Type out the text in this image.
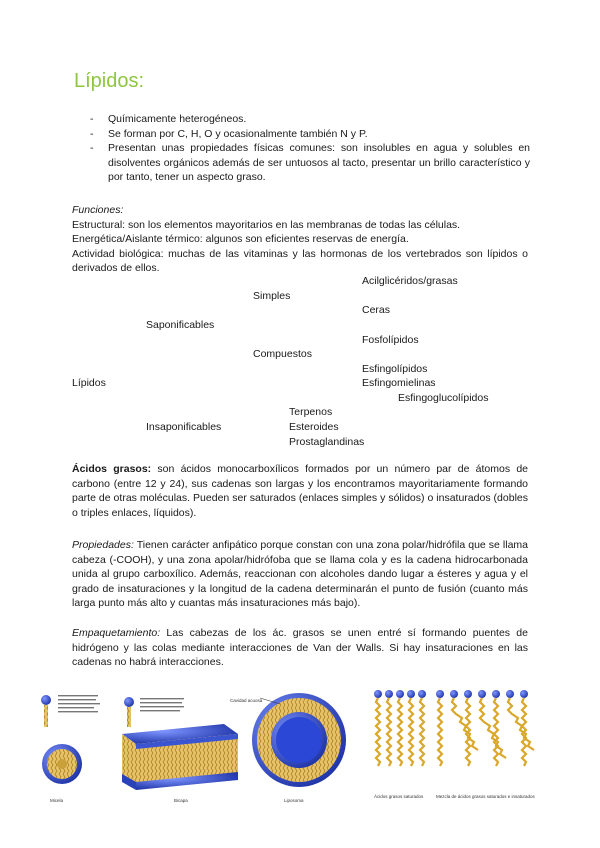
Lípidos:
- Químicamente heterogéneos.
- Se forman por C, H, O y ocasionalmente también N y P.
- Presentan unas propiedades físicas comunes: son insolubles en agua y solubles en disolventes orgánicos además de ser untuosos al tacto, presentar un brillo característico y por tanto, tener un aspecto graso.
Funciones:
Estructural: son los elementos mayoritarios en las membranas de todas las células.
Energética/Aislante térmico: algunos son eficientes reservas de energía.
Actividad biológica: muchas de las vitaminas y las hormonas de los vertebrados son lípidos o derivados de ellos.
Acilglicéridos/grasas
Simples
Ceras
Saponificables
Fosfolípidos
Compuestos
Esfingolípidos
Lípidos	Esfingomielinas
Esfingoglucolípidos
Terpenos
Insaponificables	Esteroides
Prostaglandinas
Ácidos grasos: son ácidos monocarboxílicos formados por un número par de átomos de carbono (entre 12 y 24), sus cadenas son largas y los encontramos mayoritariamente formando parte de otras moléculas. Pueden ser saturados (enlaces simples y sólidos) o insaturados (dobles o triples enlaces, líquidos).
Propiedades: Tienen carácter anfipático porque constan con una zona polar/hidrófila que se llama cabeza (-COOH), y una zona apolar/hidrófoba que se llama cola y es la cadena hidrocarbonada unida al grupo carboxílico. Además, reaccionan con alcoholes dando lugar a ésteres y agua y el grado de insaturaciones y la longitud de la cadena determinarán el punto de fusión (cuanto más larga punto más alto y cuantas más insaturaciones más bajo).
Empaquetamiento: Las cabezas de los ác. grasos se unen entré sí formando puentes de hidrógeno y las colas mediante interacciones de Van der Walls. Si hay insaturaciones en las cadenas no habrá interacciones.
Micela	Bicapa	Liposoma
Cavidad acuosa
Ácidos grasos saturados	Mezcla de ácidos grasos saturados e insaturados
